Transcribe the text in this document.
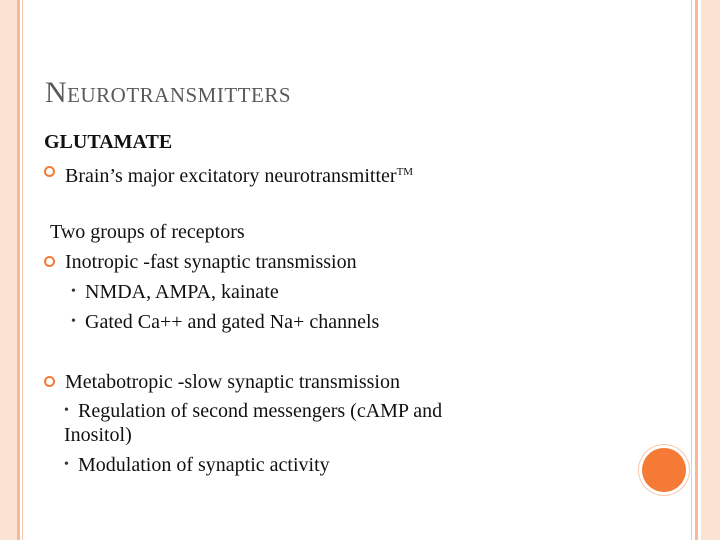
Neurotransmitters
GLUTAMATE
Brain’s major excitatory neurotransmitter™
Two groups of receptors
Inotropic -fast synaptic transmission
• NMDA, AMPA, kainate
• Gated Ca++ and gated Na+ channels
Metabotropic -slow synaptic transmission
• Regulation of second messengers (cAMP and
Inositol)
• Modulation of synaptic activity
